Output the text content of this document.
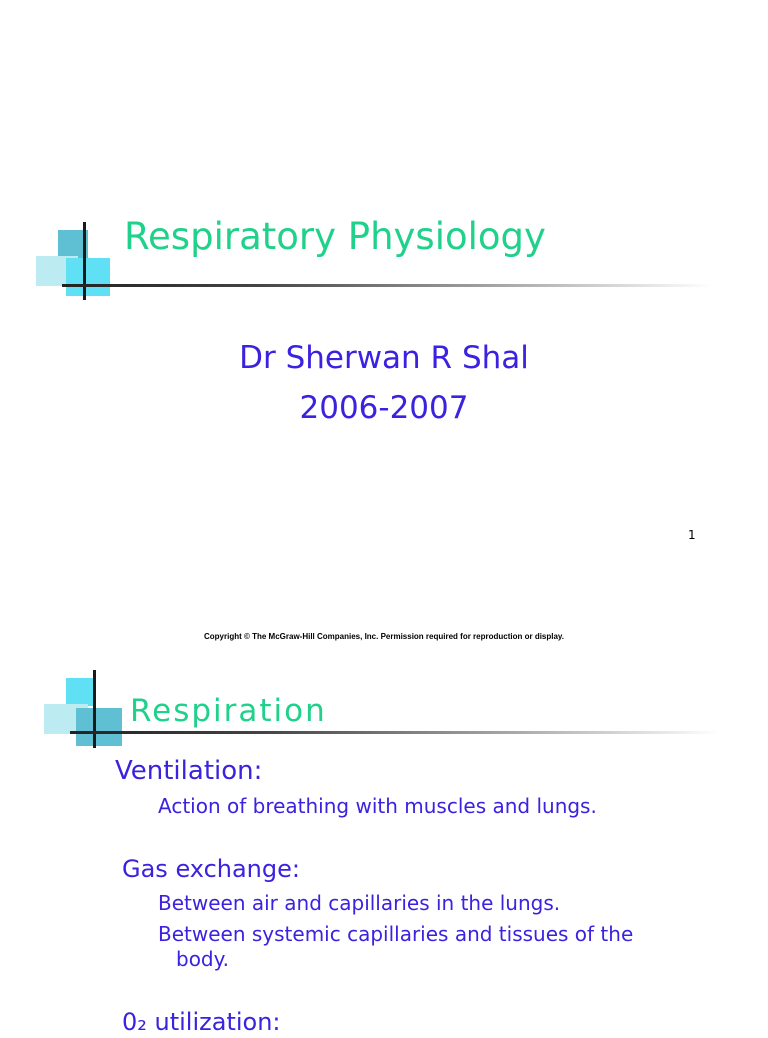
Respiratory Physiology
Dr Sherwan R Shal
2006-2007
1
Copyright © The McGraw-Hill Companies, Inc. Permission required for reproduction or display.
Respiration
Ventilation:
Action of breathing with muscles and lungs.
Gas exchange:
Between air and capillaries in the lungs.
Between systemic capillaries and tissues of the
body.
0₂ utilization:
